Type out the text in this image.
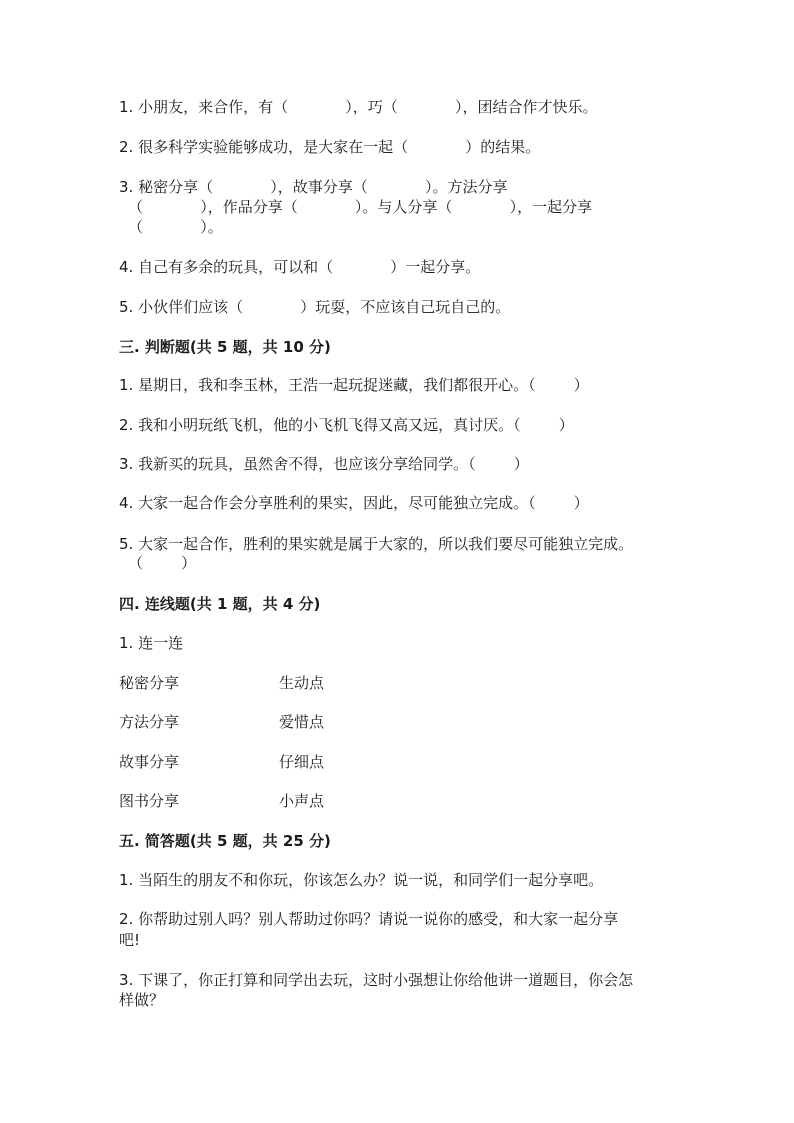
1. 小朋友，来合作，有（            ），巧（            ），团结合作才快乐。
2. 很多科学实验能够成功，是大家在一起（            ）的结果。
3. 秘密分享（            ），故事分享（            ）。方法分享
（            ），作品分享（            ）。与人分享（            ），一起分享
（            ）。
4. 自己有多余的玩具，可以和（            ）一起分享。
5. 小伙伴们应该（            ）玩耍，不应该自己玩自己的。
三. 判断题(共 5 题，共 10 分)
1. 星期日，我和李玉林，王浩一起玩捉迷藏，我们都很开心。（        ）
2. 我和小明玩纸飞机，他的小飞机飞得又高又远，真讨厌。（        ）
3. 我新买的玩具，虽然舍不得，也应该分享给同学。（        ）
4. 大家一起合作会分享胜利的果实，因此，尽可能独立完成。（        ）
5. 大家一起合作，胜利的果实就是属于大家的，所以我们要尽可能独立完成。
（        ）
四. 连线题(共 1 题，共 4 分)
1. 连一连
秘密分享	生动点
方法分享	爱惜点
故事分享	仔细点
图书分享	小声点
五. 简答题(共 5 题，共 25 分)
1. 当陌生的朋友不和你玩，你该怎么办？说一说，和同学们一起分享吧。
2. 你帮助过别人吗？别人帮助过你吗？请说一说你的感受，和大家一起分享
吧!
3. 下课了，你正打算和同学出去玩，这时小强想让你给他讲一道题目，你会怎
样做？
